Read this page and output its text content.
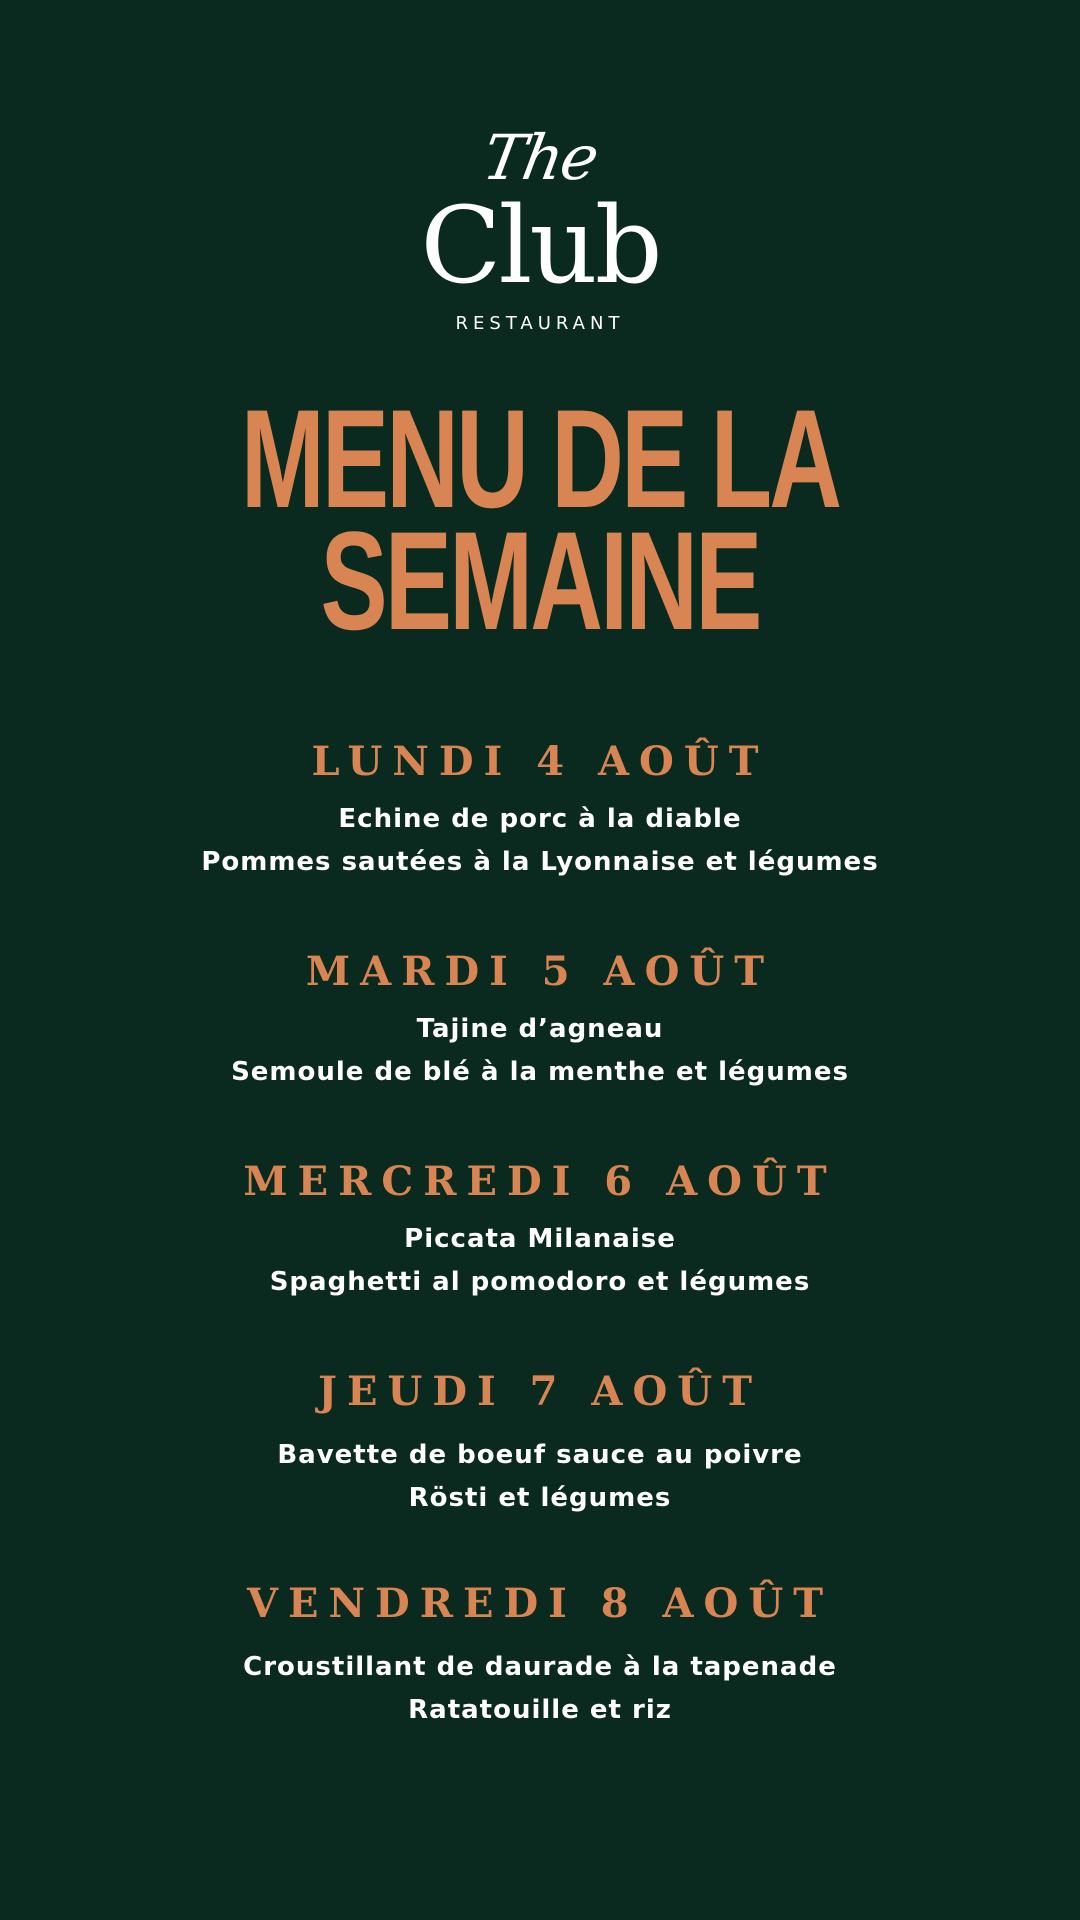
The
Club
RESTAURANT
MENU DE LA
SEMAINE
LUNDI 4 AOÛT
Echine de porc à la diable
Pommes sautées à la Lyonnaise et légumes
MARDI 5 AOÛT
Tajine d’agneau
Semoule de blé à la menthe et légumes
MERCREDI 6 AOÛT
Piccata Milanaise
Spaghetti al pomodoro et légumes
JEUDI 7 AOÛT
Bavette de boeuf sauce au poivre
Rösti et légumes
VENDREDI 8 AOÛT
Croustillant de daurade à la tapenade
Ratatouille et riz
